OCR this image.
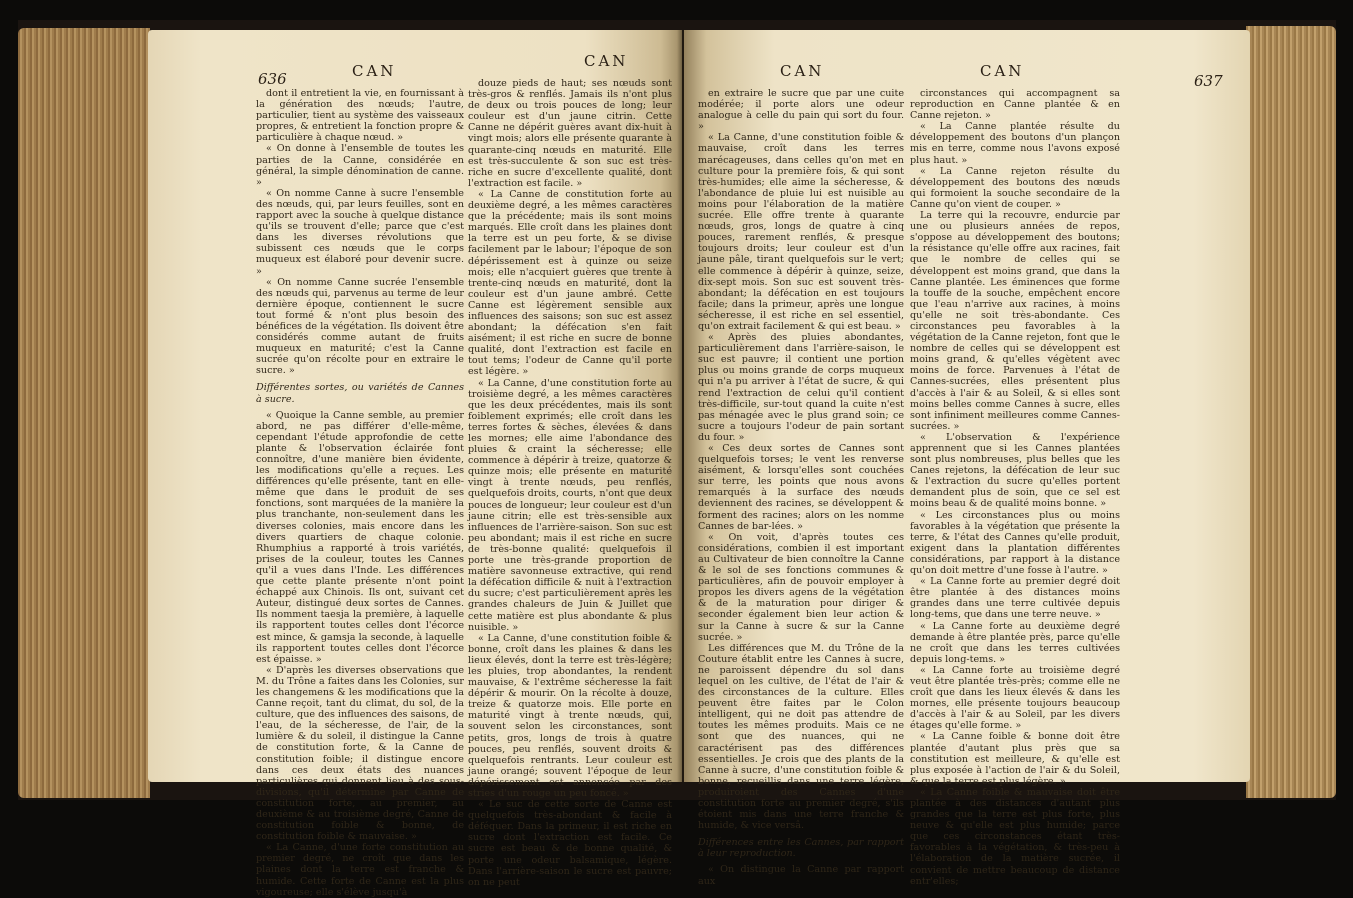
636	CAN
CAN

dont il entretient la vie, en fournissant à la génération des nœuds; l'autre, particulier, tient au système des vaisseaux propres, & entretient la fonction propre & particulière à chaque nœud. »

« On donne à l'ensemble de toutes les parties de la Canne, considérée en général, la simple dénomination de canne. »

« On nomme Canne à sucre l'ensemble des nœuds, qui, par leurs feuilles, sont en rapport avec la souche à quelque distance qu'ils se trouvent d'elle; parce que c'est dans les diverses révolutions que subissent ces nœuds que le corps muqueux est élaboré pour devenir sucre. »

« On nomme Canne sucrée l'ensemble des nœuds qui, parvenus au terme de leur dernière époque, contiennent le sucre tout formé & n'ont plus besoin des bénéfices de la végétation. Ils doivent être considérés comme autant de fruits muqueux en maturité; c'est la Canne sucrée qu'on récolte pour en extraire le sucre. »

Différentes sortes, ou variétés de Cannes à sucre.

« Quoique la Canne semble, au premier abord, ne pas différer d'elle-même, cependant l'étude approfondie de cette plante & l'observation éclairée font connoître, d'une manière bien évidente, les modifications qu'elle a reçues. Les différences qu'elle présente, tant en elle-même que dans le produit de ses fonctions, sont marquées de la manière la plus tranchante, non-seulement dans les diverses colonies, mais encore dans les divers quartiers de chaque colonie. Rhumphius a rapporté à trois variétés, prises de la couleur, toutes les Cannes qu'il a vues dans l'Inde. Les différences que cette plante présente n'ont point échappé aux Chinois. Ils ont, suivant cet Auteur, distingué deux sortes de Cannes. Ils nomment taesja la première, à laquelle ils rapportent toutes celles dont l'écorce est mince, & gamsja la seconde, à laquelle ils rapportent toutes celles dont l'écorce est épaisse. »

« D'après les diverses observations que M. du Trône a faites dans les Colonies, sur les changemens & les modifications que la Canne reçoit, tant du climat, du sol, de la culture, que des influences des saisons, de l'eau, de la sécheresse, de l'air, de la lumière & du soleil, il distingue la Canne de constitution forte, & la Canne de constitution foible; il distingue encore dans ces deux états des nuances particulières qui donnent lieu à des sous-divisions, qu'il détermine par Canne de constitution forte, au premier, au deuxième & au troisième degré, Canne de constitution foible & bonne, de constitution foible & mauvaise. »

« La Canne, d'une forte constitution au premier degré, ne croît que dans les plaines dont la terre est franche & humide. Cette forte de Canne est la plus vigoureuse; elle s'élève jusqu'à

douze pieds de haut; ses nœuds sont très-gros & renflés. Jamais ils n'ont plus de deux ou trois pouces de long; leur couleur est d'un jaune citrin. Cette Canne ne dépérit guères avant dix-huit à vingt mois; alors elle présente quarante à quarante-cinq nœuds en maturité. Elle est très-succulente & son suc est très-riche en sucre d'excellente qualité, dont l'extraction est facile. »

« La Canne de constitution forte au deuxième degré, a les mêmes caractères que la précédente; mais ils sont moins marqués. Elle croît dans les plaines dont la terre est un peu forte, & se divise facilement par le labour; l'époque de son dépérissement est à quinze ou seize mois; elle n'acquiert guères que trente à trente-cinq nœuds en maturité, dont la couleur est d'un jaune ambré. Cette Canne est légèrement sensible aux influences des saisons; son suc est assez abondant; la défécation s'en fait aisément; il est riche en sucre de bonne qualité, dont l'extraction est facile en tout tems; l'odeur de Canne qu'il porte est légère. »

« La Canne, d'une constitution forte au troisième degré, a les mêmes caractères que les deux précédentes, mais ils sont foiblement exprimés; elle croît dans les terres fortes & sèches, élevées & dans les mornes; elle aime l'abondance des pluies & craint la sécheresse; elle commence à dépérir à treize, quatorze & quinze mois; elle présente en maturité vingt à trente nœuds, peu renflés, quelquefois droits, courts, n'ont que deux pouces de longueur; leur couleur est d'un jaune citrin; elle est très-sensible aux influences de l'arrière-saison. Son suc est peu abondant; mais il est riche en sucre de très-bonne qualité: quelquefois il porte une très-grande proportion de matière savonneuse extractive, qui rend la défécation difficile & nuit à l'extraction du sucre; c'est particulièrement après les grandes chaleurs de Juin & Juillet que cette matière est plus abondante & plus nuisible. »

« La Canne, d'une constitution foible & bonne, croît dans les plaines & dans les lieux élevés, dont la terre est très-légère; les pluies, trop abondantes, la rendent mauvaise, & l'extrême sécheresse la fait dépérir & mourir. On la récolte à douze, treize & quatorze mois. Elle porte en maturité vingt à trente nœuds, qui, souvent selon les circonstances, sont petits, gros, longs de trois à quatre pouces, peu renflés, souvent droits & quelquefois rentrants. Leur couleur est jaune orangé; souvent l'époque de leur dépérissement est annoncée par des stries d'un rouge un peu foncé. »

« Le suc de cette sorte de Canne est quelquefois très-abondant & facile à déféquer. Dans la primeur, il est riche en sucre dont l'extraction est facile. Ce sucre est beau & de bonne qualité, & porte une odeur balsamique, légère. Dans l'arrière-saison le sucre est pauvre; on ne peut

CAN	CAN
637

en extraire le sucre que par une cuite modérée; il porte alors une odeur analogue à celle du pain qui sort du four. »

« La Canne, d'une constitution foible & mauvaise, croît dans les terres marécageuses, dans celles qu'on met en culture pour la première fois, & qui sont très-humides; elle aime la sécheresse, & l'abondance de pluie lui est nuisible au moins pour l'élaboration de la matière sucrée. Elle offre trente à quarante nœuds, gros, longs de quatre à cinq pouces, rarement renflés, & presque toujours droits; leur couleur est d'un jaune pâle, tirant quelquefois sur le vert; elle commence à dépérir à quinze, seize, dix-sept mois. Son suc est souvent très-abondant; la défécation en est toujours facile; dans la primeur, après une longue sécheresse, il est riche en sel essentiel, qu'on extrait facilement & qui est beau. »

« Après des pluies abondantes, particulièrement dans l'arrière-saison, le suc est pauvre; il contient une portion plus ou moins grande de corps muqueux qui n'a pu arriver à l'état de sucre, & qui rend l'extraction de celui qu'il contient très-difficile, sur-tout quand la cuite n'est pas ménagée avec le plus grand soin; ce sucre a toujours l'odeur de pain sortant du four. »

« Ces deux sortes de Cannes sont quelquefois torses; le vent les renverse aisément, & lorsqu'elles sont couchées sur terre, les points que nous avons remarqués à la surface des nœuds deviennent des racines, se développent & forment des racines; alors on les nomme Cannes de bar-lées. »

« On voit, d'après toutes ces considérations, combien il est important au Cultivateur de bien connoître la Canne & le sol de ses fonctions communes & particulières, afin de pouvoir employer à propos les divers agens de la végétation & de la maturation pour diriger & seconder également bien leur action & sur la Canne à sucre & sur la Canne sucrée. »

Les différences que M. du Trône de la Couture établit entre les Cannes à sucre, ne paroissent dépendre du sol dans lequel on les cultive, de l'état de l'air & des circonstances de la culture. Elles peuvent être faites par le Colon intelligent, qui ne doit pas attendre de toutes les mêmes produits. Mais ce ne sont que des nuances, qui ne caractérisent pas des différences essentielles. Je crois que des plants de la Canne à sucre, d'une constitution foible & bonne, recueillis dans une terre légère, produiroient des Cannes d'une constitution forte au premier degré, s'ils étoient mis dans une terre franche & humide, & vice versâ.

Différences entre les Cannes, par rapport à leur reproduction.

« On distingue la Canne par rapport aux

circonstances qui accompagnent sa reproduction en Canne plantée & en Canne rejeton. »

« La Canne plantée résulte du développement des boutons d'un plançon mis en terre, comme nous l'avons exposé plus haut. »

« La Canne rejeton résulte du développement des boutons des nœuds qui formoient la souche secondaire de la Canne qu'on vient de couper. »

La terre qui la recouvre, endurcie par une ou plusieurs années de repos, s'oppose au développement des boutons; la résistance qu'elle offre aux racines, fait que le nombre de celles qui se développent est moins grand, que dans la Canne plantée. Les éminences que forme la touffe de la souche, empêchent encore que l'eau n'arrive aux racines, à moins qu'elle ne soit très-abondante. Ces circonstances peu favorables à la végétation de la Canne rejeton, font que le nombre de celles qui se développent est moins grand, & qu'elles végètent avec moins de force. Parvenues à l'état de Cannes-sucrées, elles présentent plus d'accès à l'air & au Soleil, & si elles sont moins belles comme Cannes à sucre, elles sont infiniment meilleures comme Cannes-sucrées. »

« L'observation & l'expérience apprennent que si les Cannes plantées sont plus nombreuses, plus belles que les Canes rejetons, la défécation de leur suc & l'extraction du sucre qu'elles portent demandent plus de soin, que ce sel est moins beau & de qualité moins bonne. »

« Les circonstances plus ou moins favorables à la végétation que présente la terre, & l'état des Cannes qu'elle produit, exigent dans la plantation différentes considérations, par rapport à la distance qu'on doit mettre d'une fosse à l'autre. »

« La Canne forte au premier degré doit être plantée à des distances moins grandes dans une terre cultivée depuis long-tems, que dans une terre neuve. »

« La Canne forte au deuxième degré demande à être plantée près, parce qu'elle ne croît que dans les terres cultivées depuis long-tems. »

« La Canne forte au troisième degré veut être plantée très-près; comme elle ne croît que dans les lieux élevés & dans les mornes, elle présente toujours beaucoup d'accès à l'air & au Soleil, par les divers étages qu'elle forme. »

« La Canne foible & bonne doit être plantée d'autant plus près que sa constitution est meilleure, & qu'elle est plus exposée à l'action de l'air & du Soleil, & que la terre est plus légère. »

« La Canne foible & mauvaise doit être plantée à des distances d'autant plus grandes que la terre est plus forte, plus neuve & qu'elle est plus humide; parce que ces circonstances étant très-favorables à la végétation, & très-peu à l'élaboration de la matière sucrée, il convient de mettre beaucoup de distance entr'elles;
